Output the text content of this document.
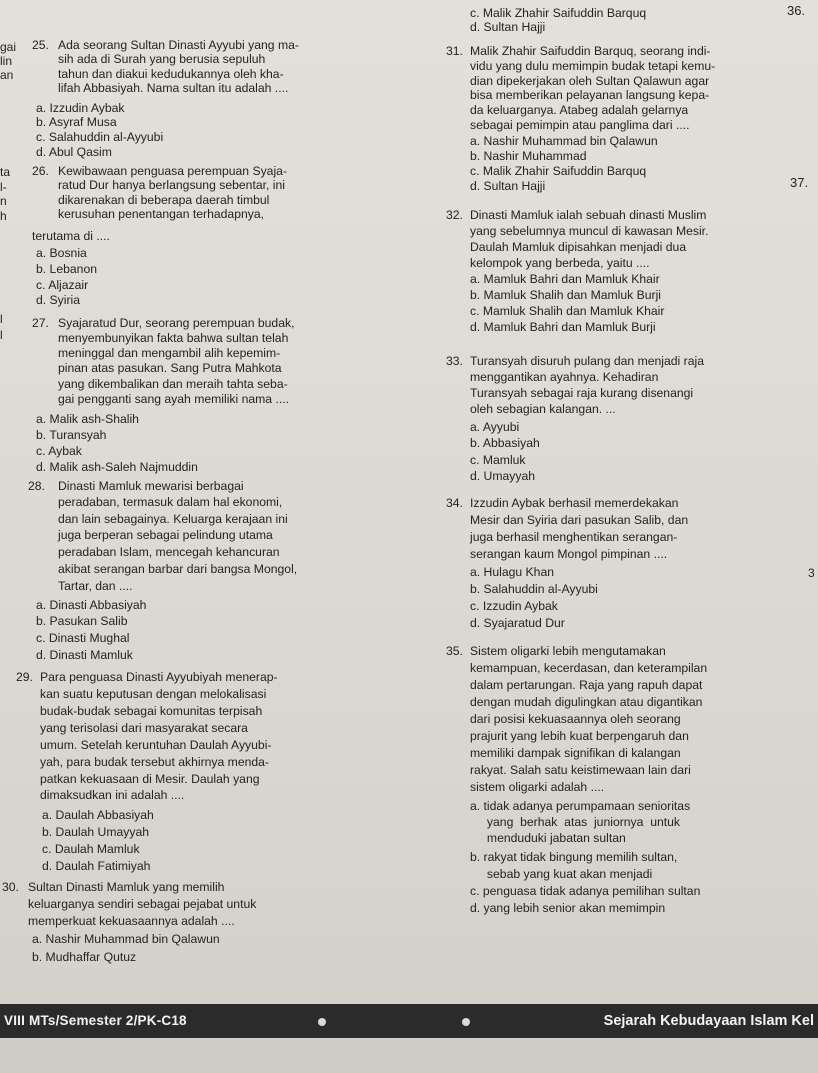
36.
37.
gai
lin
an
ta
l-
n
h
l
l
3
25. Ada seorang Sultan Dinasti Ayyubi yang ma-
sih ada di Surah yang berusia sepuluh
tahun dan diakui kedudukannya oleh kha-
lifah Abbasiyah. Nama sultan itu adalah ....
a. Izzudin Aybak
b. Asyraf Musa
c. Salahuddin al-Ayyubi
d. Abul Qasim
26. Kewibawaan penguasa perempuan Syaja-
ratud Dur hanya berlangsung sebentar, ini
dikarenakan di beberapa daerah timbul
kerusuhan penentangan terhadapnya,
terutama di ....
a. Bosnia
b. Lebanon
c. Aljazair
d. Syiria
27. Syajaratud Dur, seorang perempuan budak,
menyembunyikan fakta bahwa sultan telah
meninggal dan mengambil alih kepemim-
pinan atas pasukan. Sang Putra Mahkota
yang dikembalikan dan meraih tahta seba-
gai pengganti sang ayah memiliki nama ....
a. Malik ash-Shalih
b. Turansyah
c. Aybak
d. Malik ash-Saleh Najmuddin
28. Dinasti Mamluk mewarisi berbagai
peradaban, termasuk dalam hal ekonomi,
dan lain sebagainya. Keluarga kerajaan ini
juga berperan sebagai pelindung utama
peradaban Islam, mencegah kehancuran
akibat serangan barbar dari bangsa Mongol,
Tartar, dan ....
a. Dinasti Abbasiyah
b. Pasukan Salib
c. Dinasti Mughal
d. Dinasti Mamluk
29. Para penguasa Dinasti Ayyubiyah menerap-
kan suatu keputusan dengan melokalisasi
budak-budak sebagai komunitas terpisah
yang terisolasi dari masyarakat secara
umum. Setelah keruntuhan Daulah Ayyubi-
yah, para budak tersebut akhirnya menda-
patkan kekuasaan di Mesir. Daulah yang
dimaksudkan ini adalah ....
a. Daulah Abbasiyah
b. Daulah Umayyah
c. Daulah Mamluk
d. Daulah Fatimiyah
30. Sultan Dinasti Mamluk yang memilih
keluarganya sendiri sebagai pejabat untuk
memperkuat kekuasaannya adalah ....
a. Nashir Muhammad bin Qalawun
b. Mudhaffar Qutuz
c. Malik Zhahir Saifuddin Barquq
d. Sultan Hajji
31. Malik Zhahir Saifuddin Barquq, seorang indi-
vidu yang dulu memimpin budak tetapi kemu-
dian dipekerjakan oleh Sultan Qalawun agar
bisa memberikan pelayanan langsung kepa-
da keluarganya. Atabeg adalah gelarnya
sebagai pemimpin atau panglima dari ....
a. Nashir Muhammad bin Qalawun
b. Nashir Muhammad
c. Malik Zhahir Saifuddin Barquq
d. Sultan Hajji
32. Dinasti Mamluk ialah sebuah dinasti Muslim
yang sebelumnya muncul di kawasan Mesir.
Daulah Mamluk dipisahkan menjadi dua
kelompok yang berbeda, yaitu ....
a. Mamluk Bahri dan Mamluk Khair
b. Mamluk Shalih dan Mamluk Burji
c. Mamluk Shalih dan Mamluk Khair
d. Mamluk Bahri dan Mamluk Burji
33. Turansyah disuruh pulang dan menjadi raja
menggantikan ayahnya. Kehadiran
Turansyah sebagai raja kurang disenangi
oleh sebagian kalangan. ...
a. Ayyubi
b. Abbasiyah
c. Mamluk
d. Umayyah
34. Izzudin Aybak berhasil memerdekakan
Mesir dan Syiria dari pasukan Salib, dan
juga berhasil menghentikan serangan-
serangan kaum Mongol pimpinan ....
a. Hulagu Khan
b. Salahuddin al-Ayyubi
c. Izzudin Aybak
d. Syajaratud Dur
35. Sistem oligarki lebih mengutamakan
kemampuan, kecerdasan, dan keterampilan
dalam pertarungan. Raja yang rapuh dapat
dengan mudah digulingkan atau digantikan
dari posisi kekuasaannya oleh seorang
prajurit yang lebih kuat berpengaruh dan
memiliki dampak signifikan di kalangan
rakyat. Salah satu keistimewaan lain dari
sistem oligarki adalah ....
a. tidak adanya perumpamaan senioritas
yang  berhak  atas  juniornya  untuk
menduduki jabatan sultan
b. rakyat tidak bingung memilih sultan,
sebab yang kuat akan menjadi
c. penguasa tidak adanya pemilihan sultan
d. yang lebih senior akan memimpin
VIII MTs/Semester 2/PK-C18	Sejarah Kebudayaan Islam Kel
